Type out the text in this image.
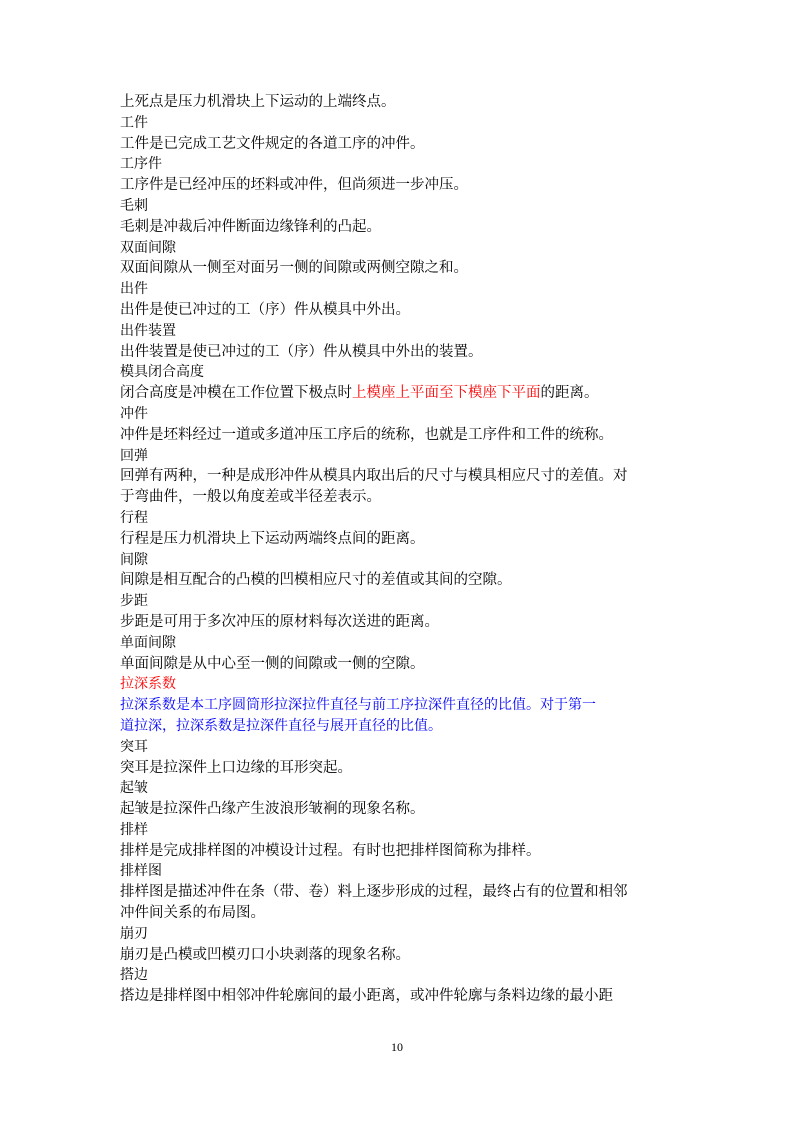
上死点是压力机滑块上下运动的上端终点。

工件

工件是已完成工艺文件规定的各道工序的冲件。

工序件

工序件是已经冲压的坯料或冲件，但尚须进一步冲压。

毛刺

毛刺是冲裁后冲件断面边缘锋利的凸起。

双面间隙

双面间隙从一侧至对面另一侧的间隙或两侧空隙之和。

出件

出件是使已冲过的工（序）件从模具中外出。

出件装置

出件装置是使已冲过的工（序）件从模具中外出的装置。

模具闭合高度

闭合高度是冲模在工作位置下极点时上模座上平面至下模座下平面的距离。

冲件

冲件是坯料经过一道或多道冲压工序后的统称，也就是工序件和工件的统称。

回弹

回弹有两种，一种是成形冲件从模具内取出后的尺寸与模具相应尺寸的差值。对

于弯曲件，一般以角度差或半径差表示。

行程

行程是压力机滑块上下运动两端终点间的距离。

间隙

间隙是相互配合的凸模的凹模相应尺寸的差值或其间的空隙。

步距

步距是可用于多次冲压的原材料每次送进的距离。

单面间隙

单面间隙是从中心至一侧的间隙或一侧的空隙。

拉深系数

拉深系数是本工序圆筒形拉深拉件直径与前工序拉深件直径的比值。对于第一

道拉深，拉深系数是拉深件直径与展开直径的比值。

突耳

突耳是拉深件上口边缘的耳形突起。

起皱

起皱是拉深件凸缘产生波浪形皱裥的现象名称。

排样

排样是完成排样图的冲模设计过程。有时也把排样图简称为排样。

排样图

排样图是描述冲件在条（带、卷）料上逐步形成的过程，最终占有的位置和相邻

冲件间关系的布局图。

崩刃

崩刃是凸模或凹模刃口小块剥落的现象名称。

搭边

搭边是排样图中相邻冲件轮廓间的最小距离，或冲件轮廓与条料边缘的最小距

10
